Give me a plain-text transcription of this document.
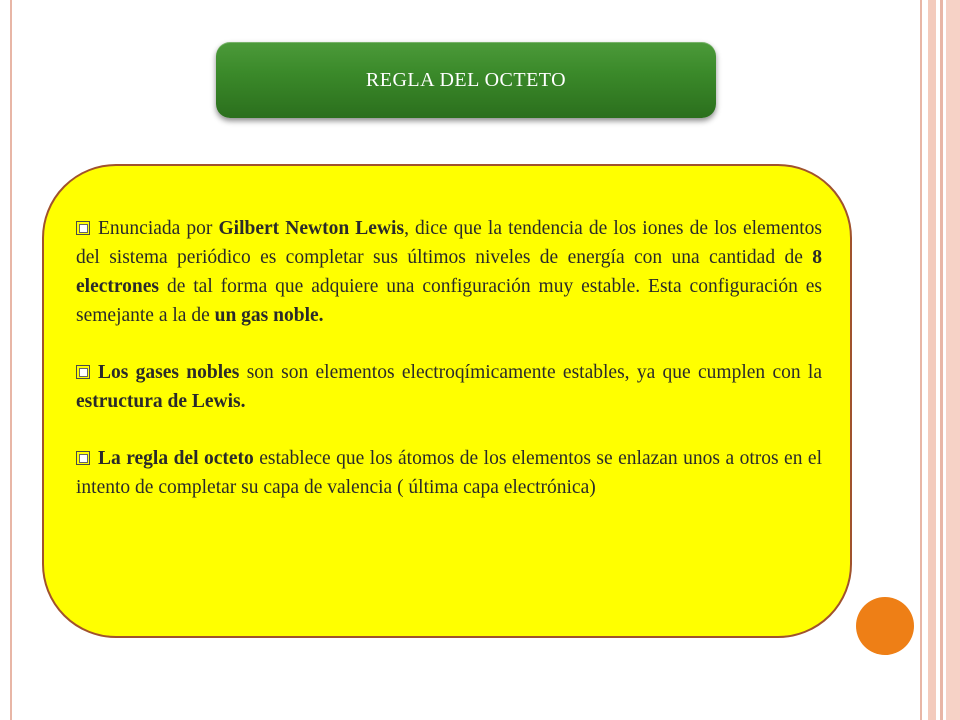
REGLA DEL OCTETO

Enunciada por Gilbert Newton Lewis, dice que la tendencia de los iones de los elementos del sistema periódico es completar sus últimos niveles de energía con una cantidad de 8 electrones de tal forma que adquiere una configuración muy estable. Esta configuración es semejante a la de un gas noble.

Los gases nobles son son elementos electroqímicamente estables, ya que cumplen con la estructura de Lewis.

La regla del octeto establece que los átomos de los elementos se enlazan unos a otros en el intento de completar su capa de valencia ( última capa electrónica)
